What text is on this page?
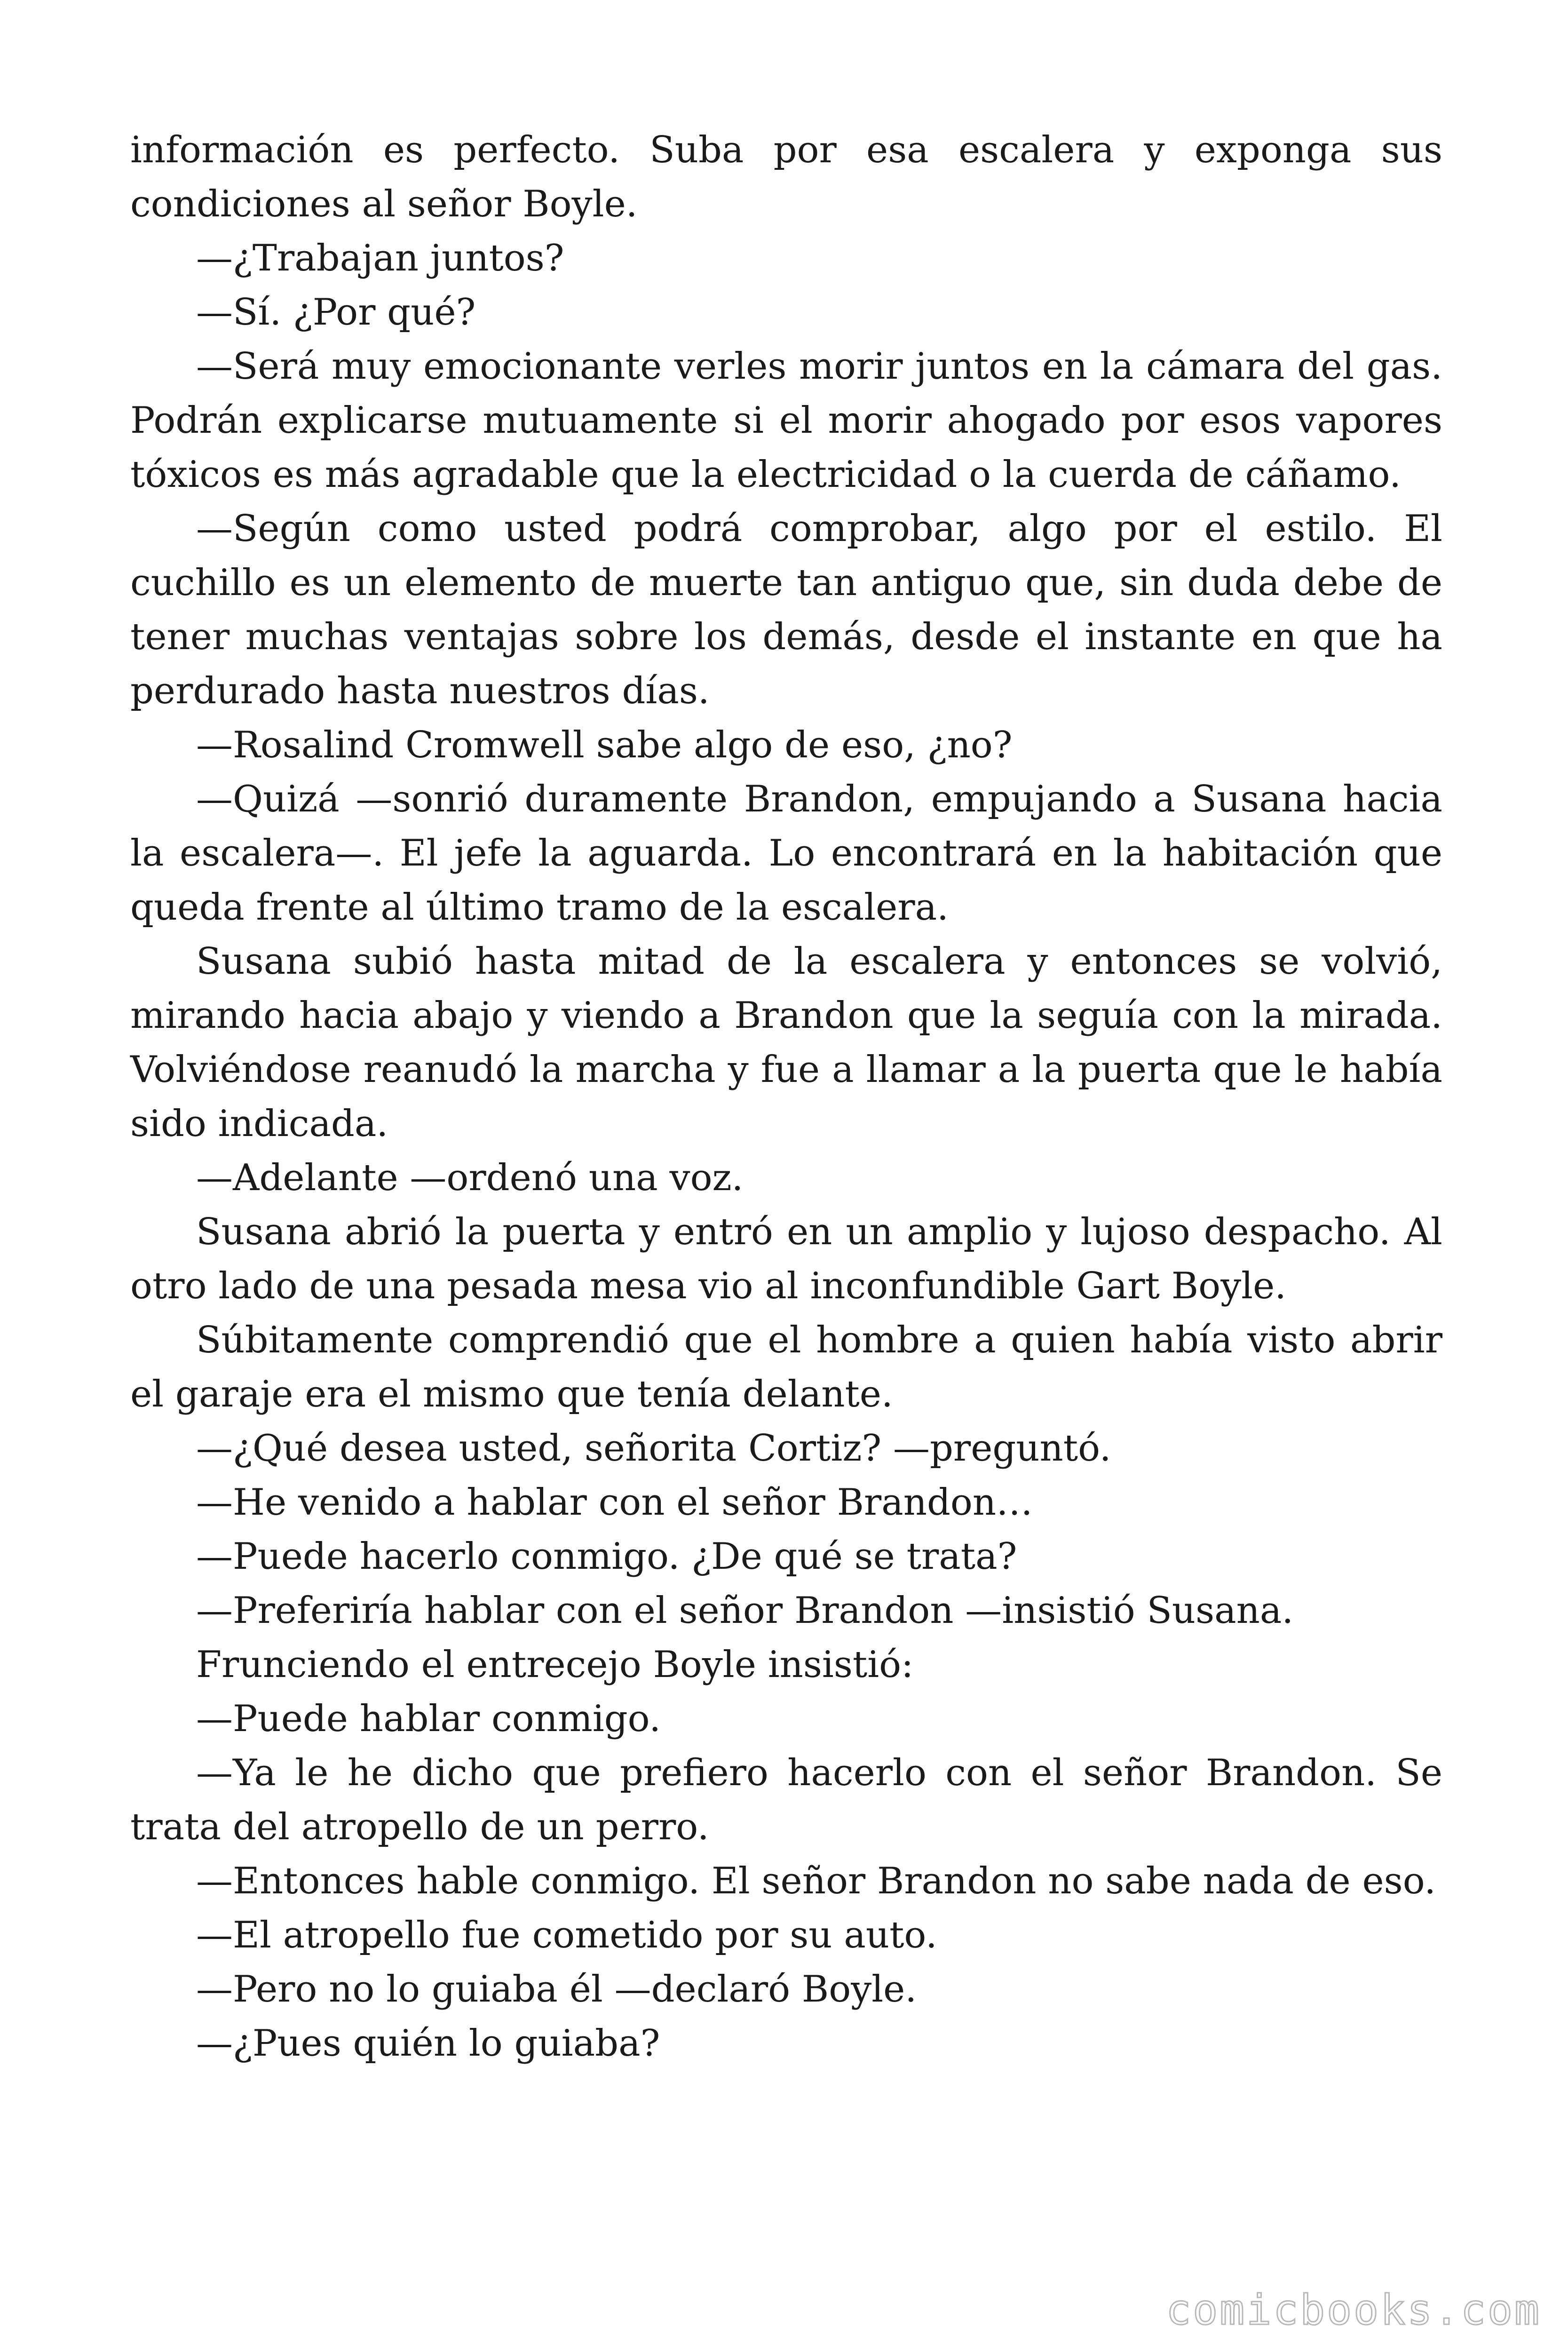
información es perfecto. Suba por esa escalera y exponga sus condiciones al señor Boyle.

—¿Trabajan juntos?

—Sí. ¿Por qué?

—Será muy emocionante verles morir juntos en la cámara del gas. Podrán explicarse mutuamente si el morir ahogado por esos vapores tóxicos es más agradable que la electricidad o la cuerda de cáñamo.

—Según como usted podrá comprobar, algo por el estilo. El cuchillo es un elemento de muerte tan antiguo que, sin duda debe de tener muchas ventajas sobre los demás, desde el instante en que ha perdurado hasta nuestros días.

—Rosalind Cromwell sabe algo de eso, ¿no?

—Quizá —sonrió duramente Brandon, empujando a Susana hacia la escalera—. El jefe la aguarda. Lo encontrará en la habitación que queda frente al último tramo de la escalera.

Susana subió hasta mitad de la escalera y entonces se volvió, mirando hacia abajo y viendo a Brandon que la seguía con la mirada. Volviéndose reanudó la marcha y fue a llamar a la puerta que le había sido indicada.

—Adelante —ordenó una voz.

Susana abrió la puerta y entró en un amplio y lujoso despacho. Al otro lado de una pesada mesa vio al inconfundible Gart Boyle.

Súbitamente comprendió que el hombre a quien había visto abrir el garaje era el mismo que tenía delante.

—¿Qué desea usted, señorita Cortiz? —preguntó.

—He venido a hablar con el señor Brandon…

—Puede hacerlo conmigo. ¿De qué se trata?

—Preferiría hablar con el señor Brandon —insistió Susana.

Frunciendo el entrecejo Boyle insistió:

—Puede hablar conmigo.

—Ya le he dicho que prefiero hacerlo con el señor Brandon. Se trata del atropello de un perro.

—Entonces hable conmigo. El señor Brandon no sabe nada de eso.

—El atropello fue cometido por su auto.

—Pero no lo guiaba él —declaró Boyle.

—¿Pues quién lo guiaba?

comicbooks.com
